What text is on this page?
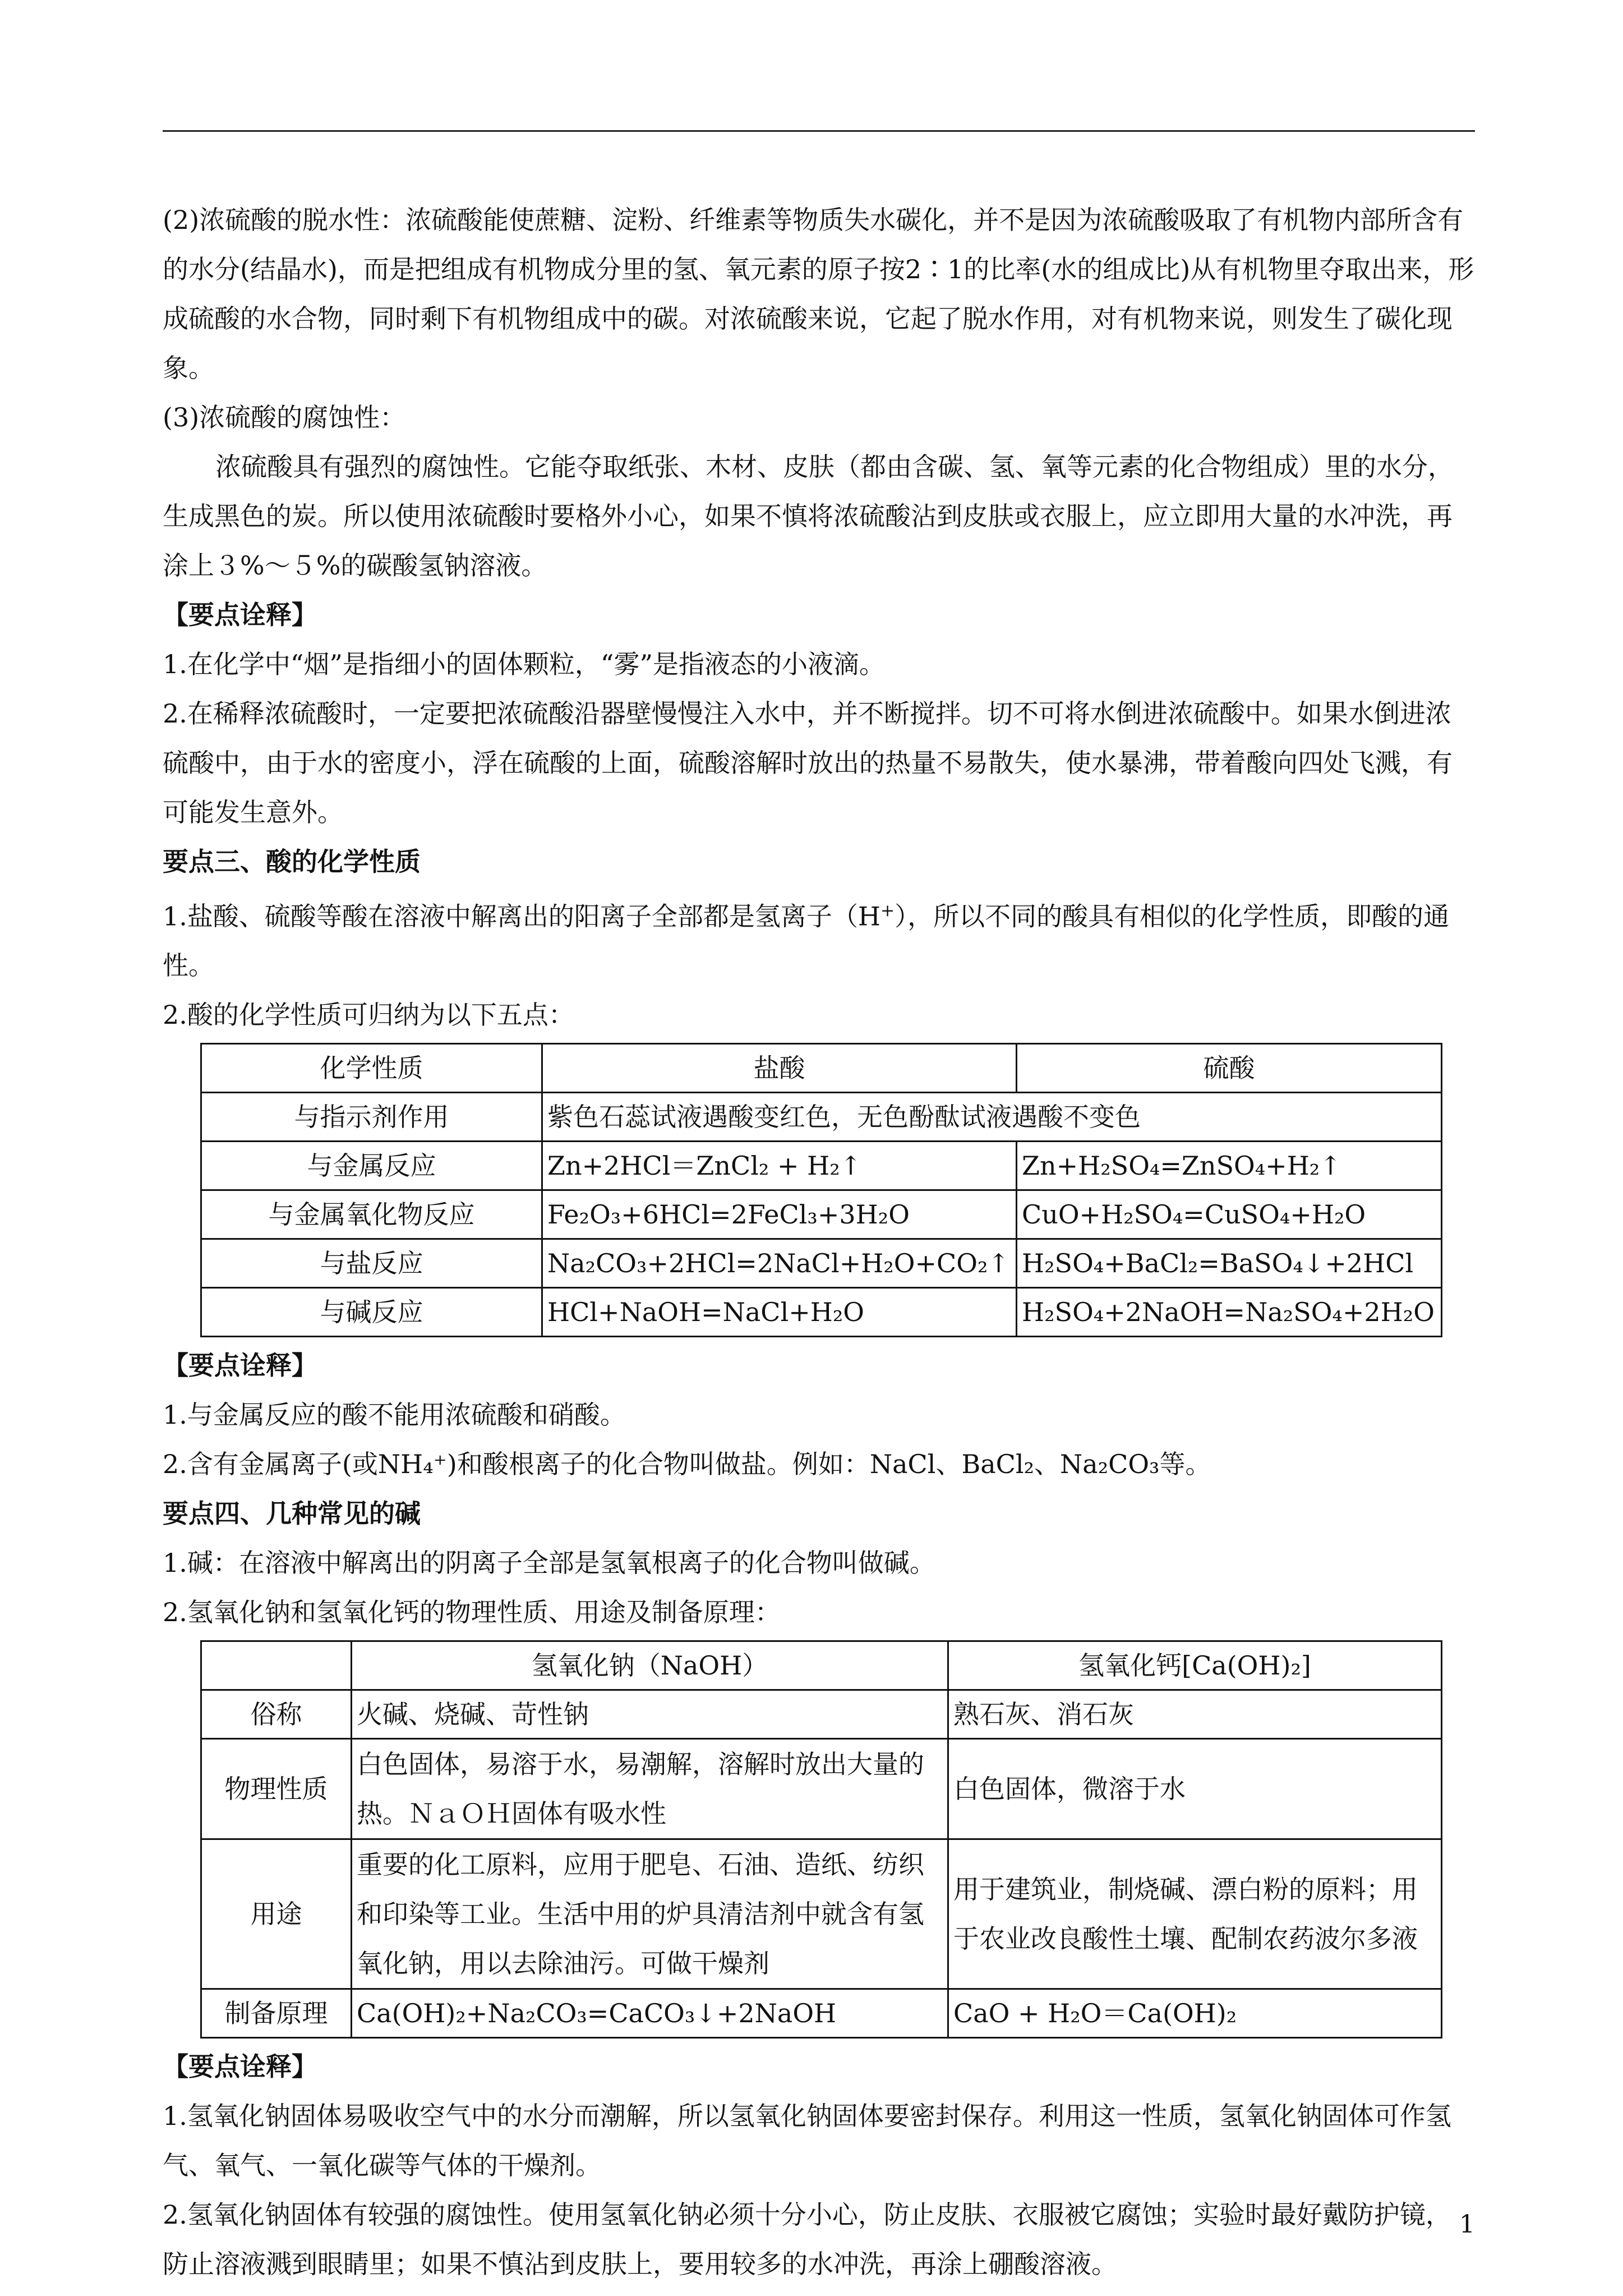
(2)浓硫酸的脱水性：浓硫酸能使蔗糖、淀粉、纤维素等物质失水碳化，并不是因为浓硫酸吸取了有机物内部所含有的水分(结晶水)，而是把组成有机物成分里的氢、氧元素的原子按2∶1的比率(水的组成比)从有机物里夺取出来，形成硫酸的水合物，同时剩下有机物组成中的碳。对浓硫酸来说，它起了脱水作用，对有机物来说，则发生了碳化现象。

(3)浓硫酸的腐蚀性：

浓硫酸具有强烈的腐蚀性。它能夺取纸张、木材、皮肤（都由含碳、氢、氧等元素的化合物组成）里的水分，生成黑色的炭。所以使用浓硫酸时要格外小心，如果不慎将浓硫酸沾到皮肤或衣服上，应立即用大量的水冲洗，再涂上３%～５%的碳酸氢钠溶液。

【要点诠释】

1.在化学中“烟”是指细小的固体颗粒，“雾”是指液态的小液滴。

2.在稀释浓硫酸时，一定要把浓硫酸沿器壁慢慢注入水中，并不断搅拌。切不可将水倒进浓硫酸中。如果水倒进浓硫酸中，由于水的密度小，浮在硫酸的上面，硫酸溶解时放出的热量不易散失，使水暴沸，带着酸向四处飞溅，有可能发生意外。

要点三、酸的化学性质

1.盐酸、硫酸等酸在溶液中解离出的阳离子全部都是氢离子（H+），所以不同的酸具有相似的化学性质，即酸的通性。

2.酸的化学性质可归纳为以下五点：

化学性质	盐酸	硫酸
与指示剂作用	紫色石蕊试液遇酸变红色，无色酚酞试液遇酸不变色	
与金属反应	Zn+2HCl＝ZnCl₂ + H₂↑	Zn+H₂SO₄=ZnSO₄+H₂↑
与金属氧化物反应	Fe₂O₃+6HCl=2FeCl₃+3H₂O	CuO+H₂SO₄=CuSO₄+H₂O
与盐反应	Na₂CO₃+2HCl=2NaCl+H₂O+CO₂↑	H₂SO₄+BaCl₂=BaSO₄↓+2HCl
与碱反应	HCl+NaOH=NaCl+H₂O	H₂SO₄+2NaOH=Na₂SO₄+2H₂O

【要点诠释】

1.与金属反应的酸不能用浓硫酸和硝酸。

2.含有金属离子(或NH₄⁺)和酸根离子的化合物叫做盐。例如：NaCl、BaCl₂、Na₂CO₃等。

要点四、几种常见的碱

1.碱：在溶液中解离出的阴离子全部是氢氧根离子的化合物叫做碱。

2.氢氧化钠和氢氧化钙的物理性质、用途及制备原理：

	氢氧化钠（NaOH）	氢氧化钙[Ca(OH)₂]
俗称	火碱、烧碱、苛性钠	熟石灰、消石灰
物理性质	白色固体，易溶于水，易潮解，溶解时放出大量的热。ＮａＯＨ固体有吸水性	白色固体，微溶于水
用途	重要的化工原料，应用于肥皂、石油、造纸、纺织和印染等工业。生活中用的炉具清洁剂中就含有氢氧化钠，用以去除油污。可做干燥剂	用于建筑业，制烧碱、漂白粉的原料；用于农业改良酸性土壤、配制农药波尔多液
制备原理	Ca(OH)₂+Na₂CO₃=CaCO₃↓+2NaOH	CaO + H₂O＝Ca(OH)₂

【要点诠释】

1.氢氧化钠固体易吸收空气中的水分而潮解，所以氢氧化钠固体要密封保存。利用这一性质，氢氧化钠固体可作氢气、氧气、一氧化碳等气体的干燥剂。

2.氢氧化钠固体有较强的腐蚀性。使用氢氧化钠必须十分小心，防止皮肤、衣服被它腐蚀；实验时最好戴防护镜，防止溶液溅到眼睛里；如果不慎沾到皮肤上，要用较多的水冲洗，再涂上硼酸溶液。

1
